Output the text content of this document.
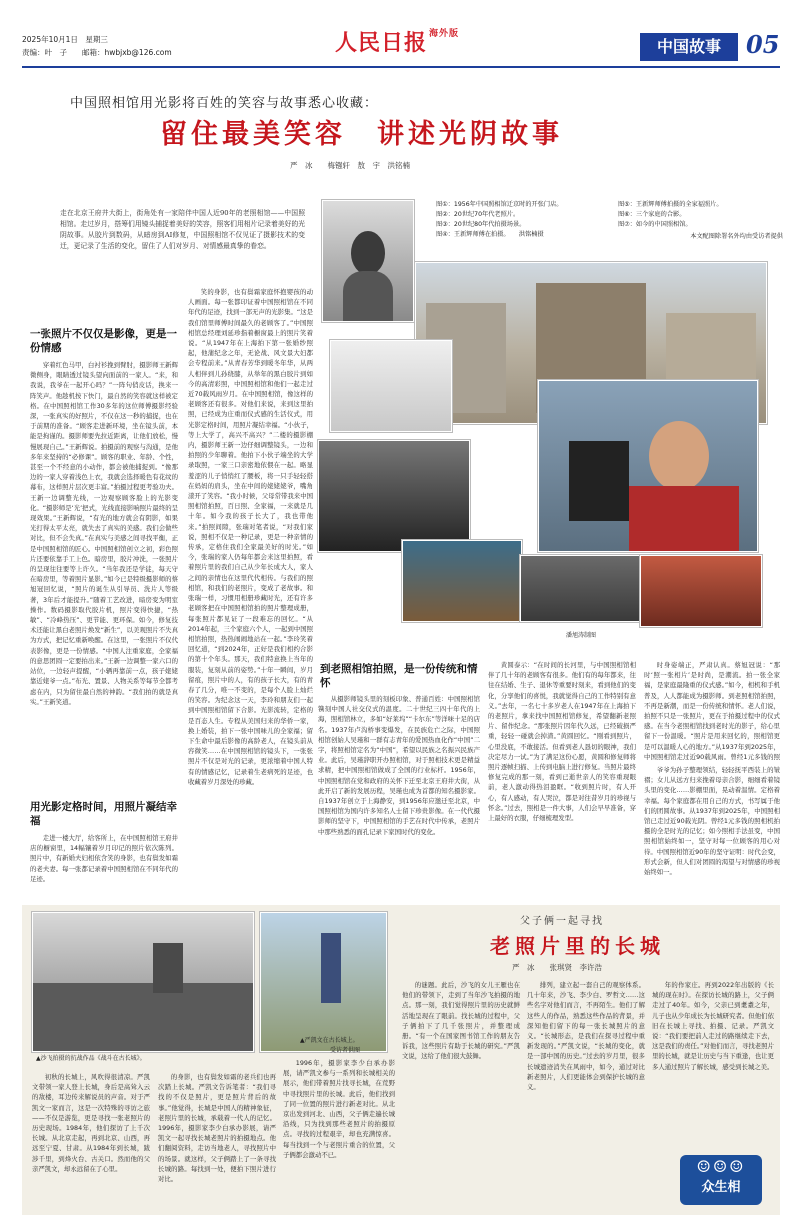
2025年10月1日　星期三
责编：叶　子　　邮箱：hwbjxb@126.com	人民日报 $^{海外版}$
中国故事	05
中国照相馆用光影将百姓的笑容与故事悉心收藏：
留住最美笑容　讲述光阴故事
严　冰　　梅镪轩　敖　宇　洪铭楠
走在北京王府井大街上，街角处有一家陪伴中国人近90年的老照相馆——中国照相馆。走过岁月，搭筹们用镜头捕捉着美好的笑容，照客们用相片记录着美好的光阴故事。从胶片到数码，从暗房到AI修复，中国照相馆不仅见证了摄影技术的变迁，更记录了生活的变化，留住了人们对岁月、对情感最真挚的眷恋。
图①：1956年中国照相馆迁京时的开张门店。
图②：20世纪70年代老照片。
图③：20世纪80年代拍摄场景。
图④：王新辉师傅在拍摄。　　洪铭楠摄
图⑤：王新辉师傅拍摄的全家福照片。
图⑥：三个家庭的合影。
图⑦：如今的中国照相馆。
本文配图除署名外均由受访者提供
潘旭涛制图
一张照片不仅仅是影像，更是一份情感

穿着红色马甲，白衬衫挽到臂肘，摄影师王新辉微侧身，眼睛透过镜头望向面前的一家人。“来，和我说，我爷在一起开心吗？”一阵句俏皮话，换来一阵笑声。他趁机按下快门，最自然的笑容就这样被定格。在中国照相馆工作30多年的这位师傅摄影经验深，一张真实的好照片，不仅在这一秒的捕捉，也在于前期的准备。“顾客走进新环境，坐在镜头前，本能是拘谨的。摄影师要先拉近距离，让他们放松，慢慢展现自己。”王新辉说。拍摄前的观察与沟通，是他多年来坚持的“必修课”。顾客的职业、年龄、个性，甚至一个不经意的小动作，都会被他捕捉到。“像那边的一家人穿着浅色上衣，我就会选择暖色有花纹的幕布，这样照片层次更丰富。”拍摄过程更考验功夫。王新一边调整光线，一边观察顾客脸上的光影变化。“摄影师是‘光’把式，光线直接影响照片最终的呈现效果。”王新辉说，“有光的地方就会有阴影，如果光打得太平太亮，就失去了真实的美感。我们会做些对比，但不会失真。”在真实与美感之间寻找平衡，正是中国照相馆的匠心。中国照相馆创立之初，彩色照片还要依靠手工上色。暗房里，胶片冲洗，一张照片的呈现往往要等上许久。“当年我还是学徒，每天守在暗房里，等着照片显影。”如今已是特级摄影师的蔡旭冠回忆说，“照片的诞生从引导员、洗片人等级著，3年后才能提升。”随着工艺改进，暗房变为明室操作。数码摄影取代胶片机，照片变得快捷，“热敏”、“冷峰热压”、更节能、更环保。如今，修复技术还能让黑白老照片焕发“新生”，以美观照片不失真为方式，把记忆重新唤醒。在这里，一张照片不仅代表影像，更是一份情感。“中国人注重家庭，全家福的意思团圆一定要拍出来。”王新一边调整一家六口的站位，一边轻声提醒，“小辆再靠前一点，孩子姥姥靠近姥爷一点。”布光、置景、人物关系等每节全都考虑在内，只为留住最自然的神韵。“我们拍的就是真实。”王新笑道。

用光影定格时间，用照片凝结幸福

走进一楼大厅，给客所上，在中国照相馆王府井店的橱窗里，14幅镶着岁月印记的照片依次陈列。照片中，有新婚夫妇相依含笑的身影，也有鬓发如霜的老夫妻。每一张都记录着中国照相馆在不同年代的足迹。

笑的身影，也有鬓霜家庭怀抱婴孩的动人画面。每一张都印证着中国照相馆在不同年代的足迹，找到一部无声的光影集。“这是我们馆里师傅时间最久的老顾客了。”中国照相馆总经理刘延珍指着橱窗最上的照片笑着说。“从1947年在上海拍下第一张婚纱照起，他蒲纪念之年，无论战、风文景大妇都会专程前来。”从青春芳华到暖冬年华，从两人相伴到儿孙绕膝，从举年的黑白胶片到如今的高清彩照，中国照相馆和他们一起走过近70载风雨岁月。在中国照相馆，像这样的老顾客还有很多。对他们来说，来到这里拍照，已经成为庄重而仪式感的生活仪式，用光影定格时间，用照片凝结幸福。“小伙子，等上大学了，高兴不高兴？”二楼的摄影棚内，摄影师王新一边仔细调整镜头，一边和拍照的少年聊着。他拍下小伙子端坐的大学录取照，一家三口亲密地依偎在一起。略显羞涩的儿子悄悄红了腰板，将一只手轻轻搭在妈妈的肩头，坐在中间的姥姥姥爷，嘴角漾开了笑容。“我小时候，父母常带我来中国照相馆拍照，百日照、全家福，一来就是几十年。如今我的孩子长大了，我也带他来。”拍照间隙，张瑞对笔者说，“对我们家说，照相不仅是一种记录，更是一种亲情的传承，定格住我们全家最美好的时光。”如今，张瑞的家人仍每年都会来这里拍照，看着照片里的我们自己从少年长成大人，家人之间的亲情也在这里代代相传。与我们的照相馆，和我们的老照片，变成了老故事。和张瑞一样，习惯用相册珍藏时光，还有许多老顾客把在中国照相馆拍的照片整理成册，每张照片都见证了一段难忘的回忆。“从2014年起，三个家庭六个人，一起到中国照相馆拍照，热热闹闹地站在一起。”李玲笑着回忆道，“到2024年，正好是我们相约合影的第十个年头。那天，我们特意换上当年的服装，复刻从前的姿势。”十年一瞬间，岁月留痕，照片中的人，有的孩子长大，有的青春了几分，唯一不变的，是每个人脸上灿烂的笑容。为纪念这一天，李玲和朋友们一起到中国照相馆留下合影。光影流转，定格的是百态人生。专程从美国归来的华侨一家，换上婚装，拍下一张中国味儿的全家福；留下生命中最后影像的高龄老人，在镜头前从容微笑……在中国照相馆的镜头下，一张张照片不仅是对光的记录，更浓缩着中国人特有的情感记忆，记录着生老病死的足迹，也收藏着岁月深处的珍藏。

到老照相馆拍照，是一份传统和情怀

从摄影师镜头里的刻板印象、普通百姓：中国照相馆镌刻中国人社交仪式的温度。二十世纪三四十年代的上海，照相馆林立，多如“好莱坞”“卡尔东”等洋味十足的店名。1937年卢沟桥事变爆发，在民族危亡之际，中国照相馆创始人吴瑾和一群有志青年的爱国热血化作“中国”二字，将照相馆定名为“中国”，希望以民族之名振兴民族产业。此后，吴瑾辞职开办照相馆，对于照相技术更是精益求精，把中国照相馆做成了全国的行业标杆。1956年，中国照相馆在党和政府的关怀下迁至北京王府井大街，从此开启了新的发展历程，吴瑾也成为首都的知名摄影家。自1937年创立于上海静安，到1956年应邀迁至北京，中国照相馆为国内许多知名人士留下珍贵影像。在一代代摄影师的坚守下，中国照相馆的手艺在时代中传承，老照片中那些熟悉的面孔记录下家国时代的变化。

黄圆泰示：“在时间的长河里，与中国照相馆相伴了几十年的老顾客有很多。他们有的每年都来，往往在结婚、生子、退休等重要时刻来，看到他们的变化，分享他们的喜悦，我就觉得自己的工作特别有意义。”去年，一名七十多岁老人在1947年在上海拍下的老照片，拿来找中国照相馆修复，希望翻新老照片、留作纪念。“那张照片因年代久远，已经破损严重，轻轻一碰就会掉渣。”黄圆回忆。“刚看到照片，心里没底，不敢接活。但看到老人恳切的眼神，我们决定尽力一试。”为了满足这份心愿，黄圆和修复师将照片逐帧扫描、上传到电脑上进行修复。当照片最终修复完成的那一刻，看到已逝世亲人的笑容重现眼前，老人激动得热泪盈眶。“收到照片时，有人开心，有人感动，有人哭泣，都是对往昔岁月的珍视与怀念。”过去，照相是一件大事，人们会早早准备，穿上最好的衣服，仔细梳理发型。

时身姿端正，严肃认真。蔡旭冠说：“那时‘照一张相片’是时尚，是潮流。拍一张全家福，是家庭最隆重的仪式感。”如今，相机和手机普及，人人都能成为摄影师。到老照相馆拍照，不再是新潮，而是一份传统和情怀。老人们说，拍照不只是一张照片，更在于拍摄过程中的仪式感。在当今老照相馆找到老时光的影子，给心里留下一份温暖。“照片是用来回忆的，照相馆更是可以温暖人心的地方。”从1937年到2025年，中国照相馆走过近90载风雨。曾经1元多钱的照

爷爷为孙子整理领结，轻轻抚平西装上的皱褶；女儿从远方归来挽着母亲合影，细细看着镜头里的变化……影棚里面，晃动着温情。定格着幸福。每个家庭都在用自己的方式，书写属于他们的团圆故事。从1937年到2025年，中国照相馆已走过近90载光阴。曾经1元多钱的照相机拍摄的全是时光的记忆；如今照相手法虽变，中国照相馆始终如一，坚守对每一位顾客的用心对待。中国照相馆近90年的坚守证明：时代会变，形式会新，但人们对团圆的渴望与对情感的珍视始终如一。

父子俩一起寻找
老照片里的长城
严　冰　　张琪贤　李许浩
▲沙飞拍摄的抗战作品《战斗在古长城》。
▲严凯文在古长城上。
受访者供图

初秋的长城上，风吹得很清凉。严凯文带领一家人登上长城，身后是高耸入云的敌楼，耳边传来解说员的声音。对于严凯文一家而言，这是一次特殊的寻访之旅——不仅是游览，更是寻找一张老照片的历史现场。1984年，他们探访了上千次长城。从北京走起，再到北京、山西，再远至宁夏、甘肃。从1984年到长城，跋涉千里，到烽火台、古关口。然而他的父亲严凯文，却永远留在了心里。

的身影，也有鬓发如霜的老兵们也再次踏上长城。严凯文告诉笔者：“我们寻找的不仅是照片，更是照片背后的故事。”他觉得，长城是中国人的精神象征，老照片里的长城，承载着一代人的记忆。1996年，摄影家李少白承办影展，请严凯文一起寻找长城老照片的拍摄地点。他们翻阅资料，走访当地老人，寻找照片中的场景。就这样，父子俩踏上了一条寻找长城的路。每找到一处，便拍下照片进行对比。

1996年，摄影家李少白承办影展，请严凯文参与一系列和长城相关的展示，他们带着照片找寻长城，在荒野中寻找照片里的长城。此后，他们找到了同一位置的照片进行新老对比。从北京出发到河北、山西，父子俩走遍长城沿线，只为找到那些老照片的拍摄原点。寻找的过程艰辛，却也充满惊喜。每当找到一个与老照片重合的位置，父子俩都会激动不已。

的谜题。此后，沙飞的女儿王雁也在他们的带领下，走到了当年沙飞拍摄的地点。那一刻，我们觉得照片里的历史就鲜活地呈现在了眼前。找长城的过程中，父子俩拍下了几千张照片，并整理成册。“有一个在国家图书馆工作的朋友告诉我，这些照片有助于长城的研究。”严凯文说，这给了他们很大鼓舞。

排列，建立起一套自己的观察体系。几十年来，沙飞、李少白、罗哲文……这些名字对他们而言，不再陌生。他们了解这些人的作品，熟悉这些作品的背景，并深知他们留下的每一张长城照片的意义。“长城形态，是我们在探寻过程中重新发现的。”严凯文说，“长城的变化，就是一部中国的历史。”过去的岁月里，很多长城遗迹消失在风雨中，如今，通过对比新老照片，人们更能体会到保护长城的意义。

年的作家庄。再到2022年出版的《长城的现在时》。在探访长城的路上，父子俩走过了40年。如今，父亲已到耄耋之年，儿子也从少年成长为长城研究者。但他们依旧在长城上寻找、拍摄、记录。严凯文说：“我们要把前人走过的路继续走下去，这是我们的责任。”对他们而言，寻找老照片里的长城，就是让历史与当下重逢，也让更多人通过照片了解长城，感受到长城之美。

☺☺☺
众生相
